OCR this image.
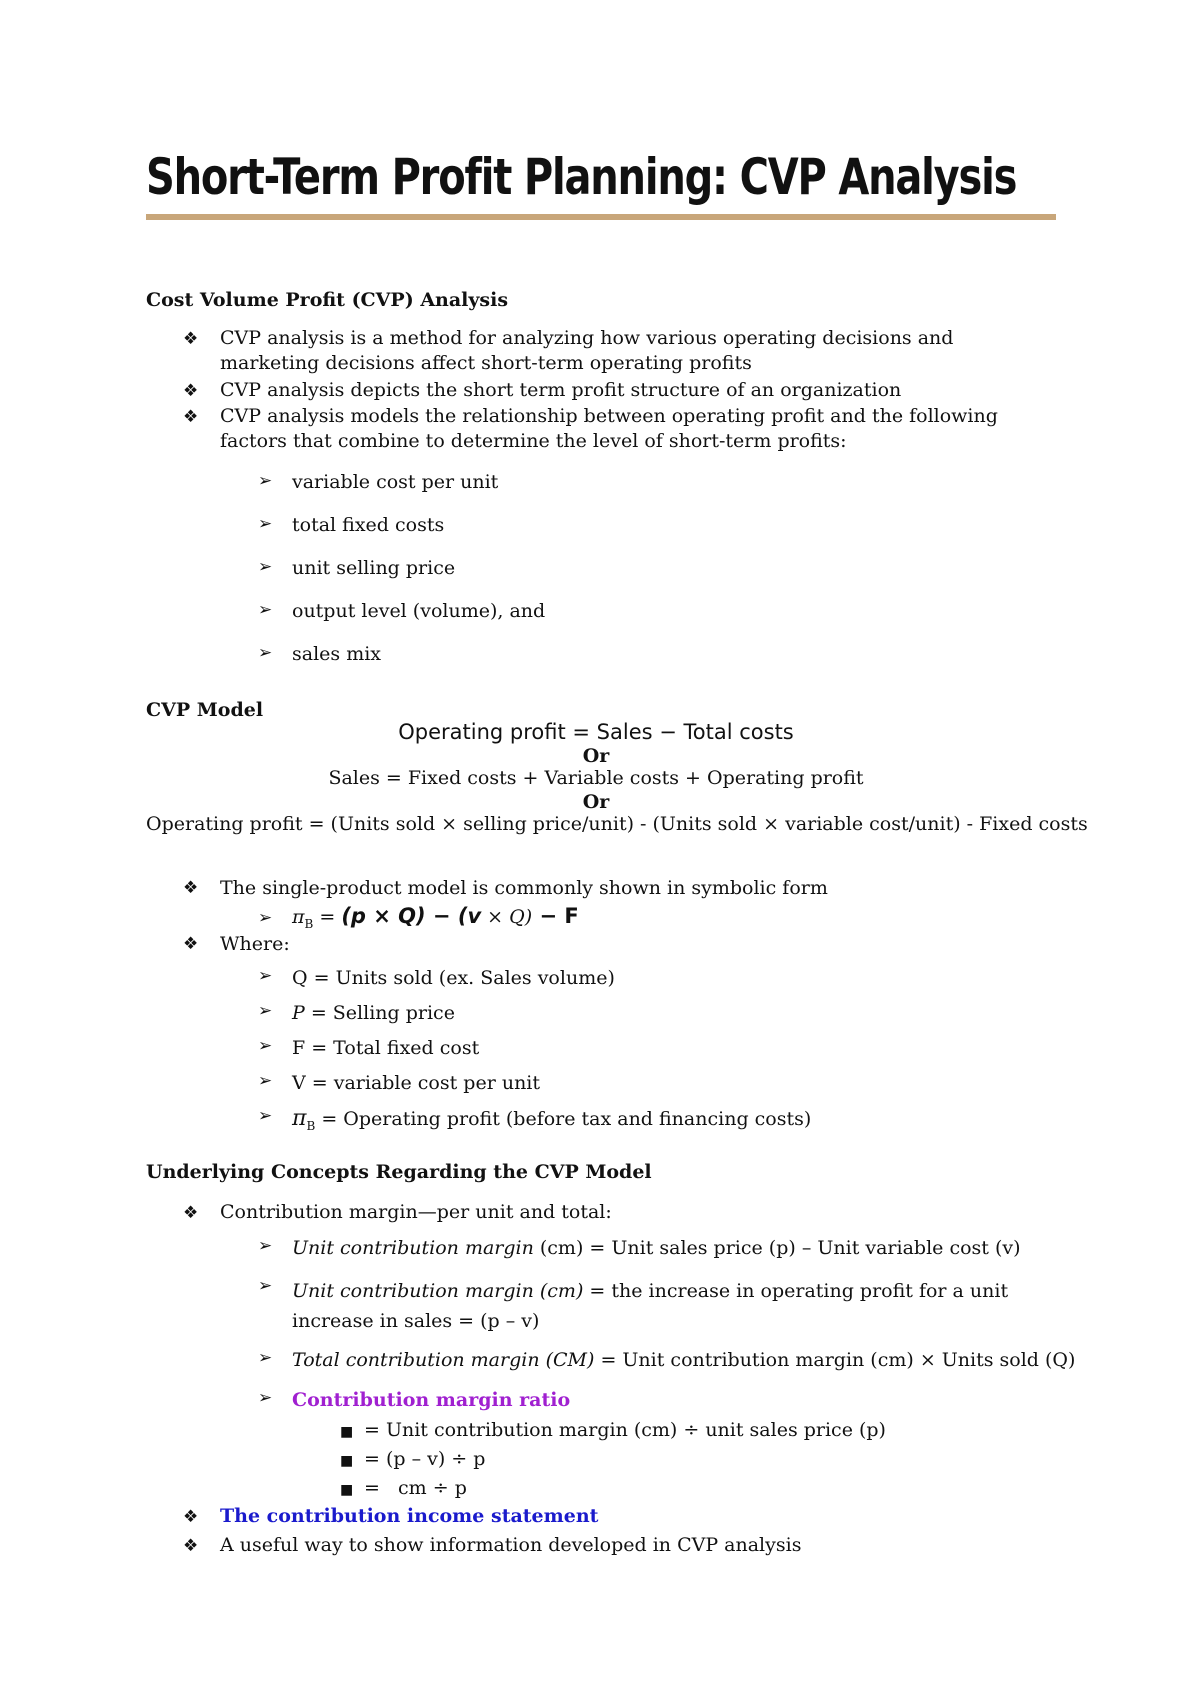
Short-Term Profit Planning: CVP Analysis
Cost Volume Profit (CVP) Analysis
❖ CVP analysis is a method for analyzing how various operating decisions and marketing decisions affect short-term operating profits
❖ CVP analysis depicts the short term profit structure of an organization
❖ CVP analysis models the relationship between operating profit and the following factors that combine to determine the level of short-term profits:
➢ variable cost per unit
➢ total fixed costs
➢ unit selling price
➢ output level (volume), and
➢ sales mix
CVP Model
Operating profit = Sales − Total costs
Or
Sales = Fixed costs + Variable costs + Operating profit
Or
Operating profit = (Units sold × selling price/unit) - (Units sold × variable cost/unit) - Fixed costs
❖ The single-product model is commonly shown in symbolic form
➢ $\pi_B = (p \times Q) - (v \times Q) - F$
❖ Where:
➢ Q = Units sold (ex. Sales volume)
➢ P = Selling price
➢ F = Total fixed cost
➢ V = variable cost per unit
➢ $\pi_B$ = Operating profit (before tax and financing costs)
Underlying Concepts Regarding the CVP Model
❖ Contribution margin—per unit and total:
➢ Unit contribution margin (cm) = Unit sales price (p) – Unit variable cost (v)
➢ Unit contribution margin (cm) = the increase in operating profit for a unit increase in sales = (p – v)
➢ Total contribution margin (CM) = Unit contribution margin (cm) × Units sold (Q)
➢ Contribution margin ratio
■ = Unit contribution margin (cm) ÷ unit sales price (p)
■ = (p – v) ÷ p
■ =   cm ÷ p
❖ The contribution income statement
❖ A useful way to show information developed in CVP analysis
